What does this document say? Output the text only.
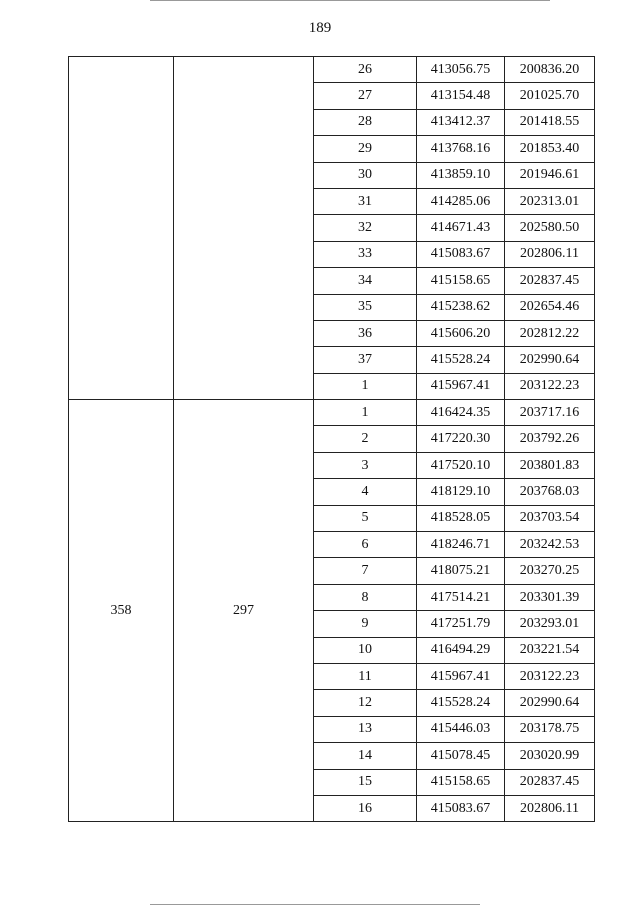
189
		26	413056.75	200836.20
		27	413154.48	201025.70
		28	413412.37	201418.55
		29	413768.16	201853.40
		30	413859.10	201946.61
		31	414285.06	202313.01
		32	414671.43	202580.50
		33	415083.67	202806.11
		34	415158.65	202837.45
		35	415238.62	202654.46
		36	415606.20	202812.22
		37	415528.24	202990.64
		1	415967.41	203122.23
358	297	1	416424.35	203717.16
		2	417220.30	203792.26
		3	417520.10	203801.83
		4	418129.10	203768.03
		5	418528.05	203703.54
		6	418246.71	203242.53
		7	418075.21	203270.25
		8	417514.21	203301.39
		9	417251.79	203293.01
		10	416494.29	203221.54
		11	415967.41	203122.23
		12	415528.24	202990.64
		13	415446.03	203178.75
		14	415078.45	203020.99
		15	415158.65	202837.45
		16	415083.67	202806.11
